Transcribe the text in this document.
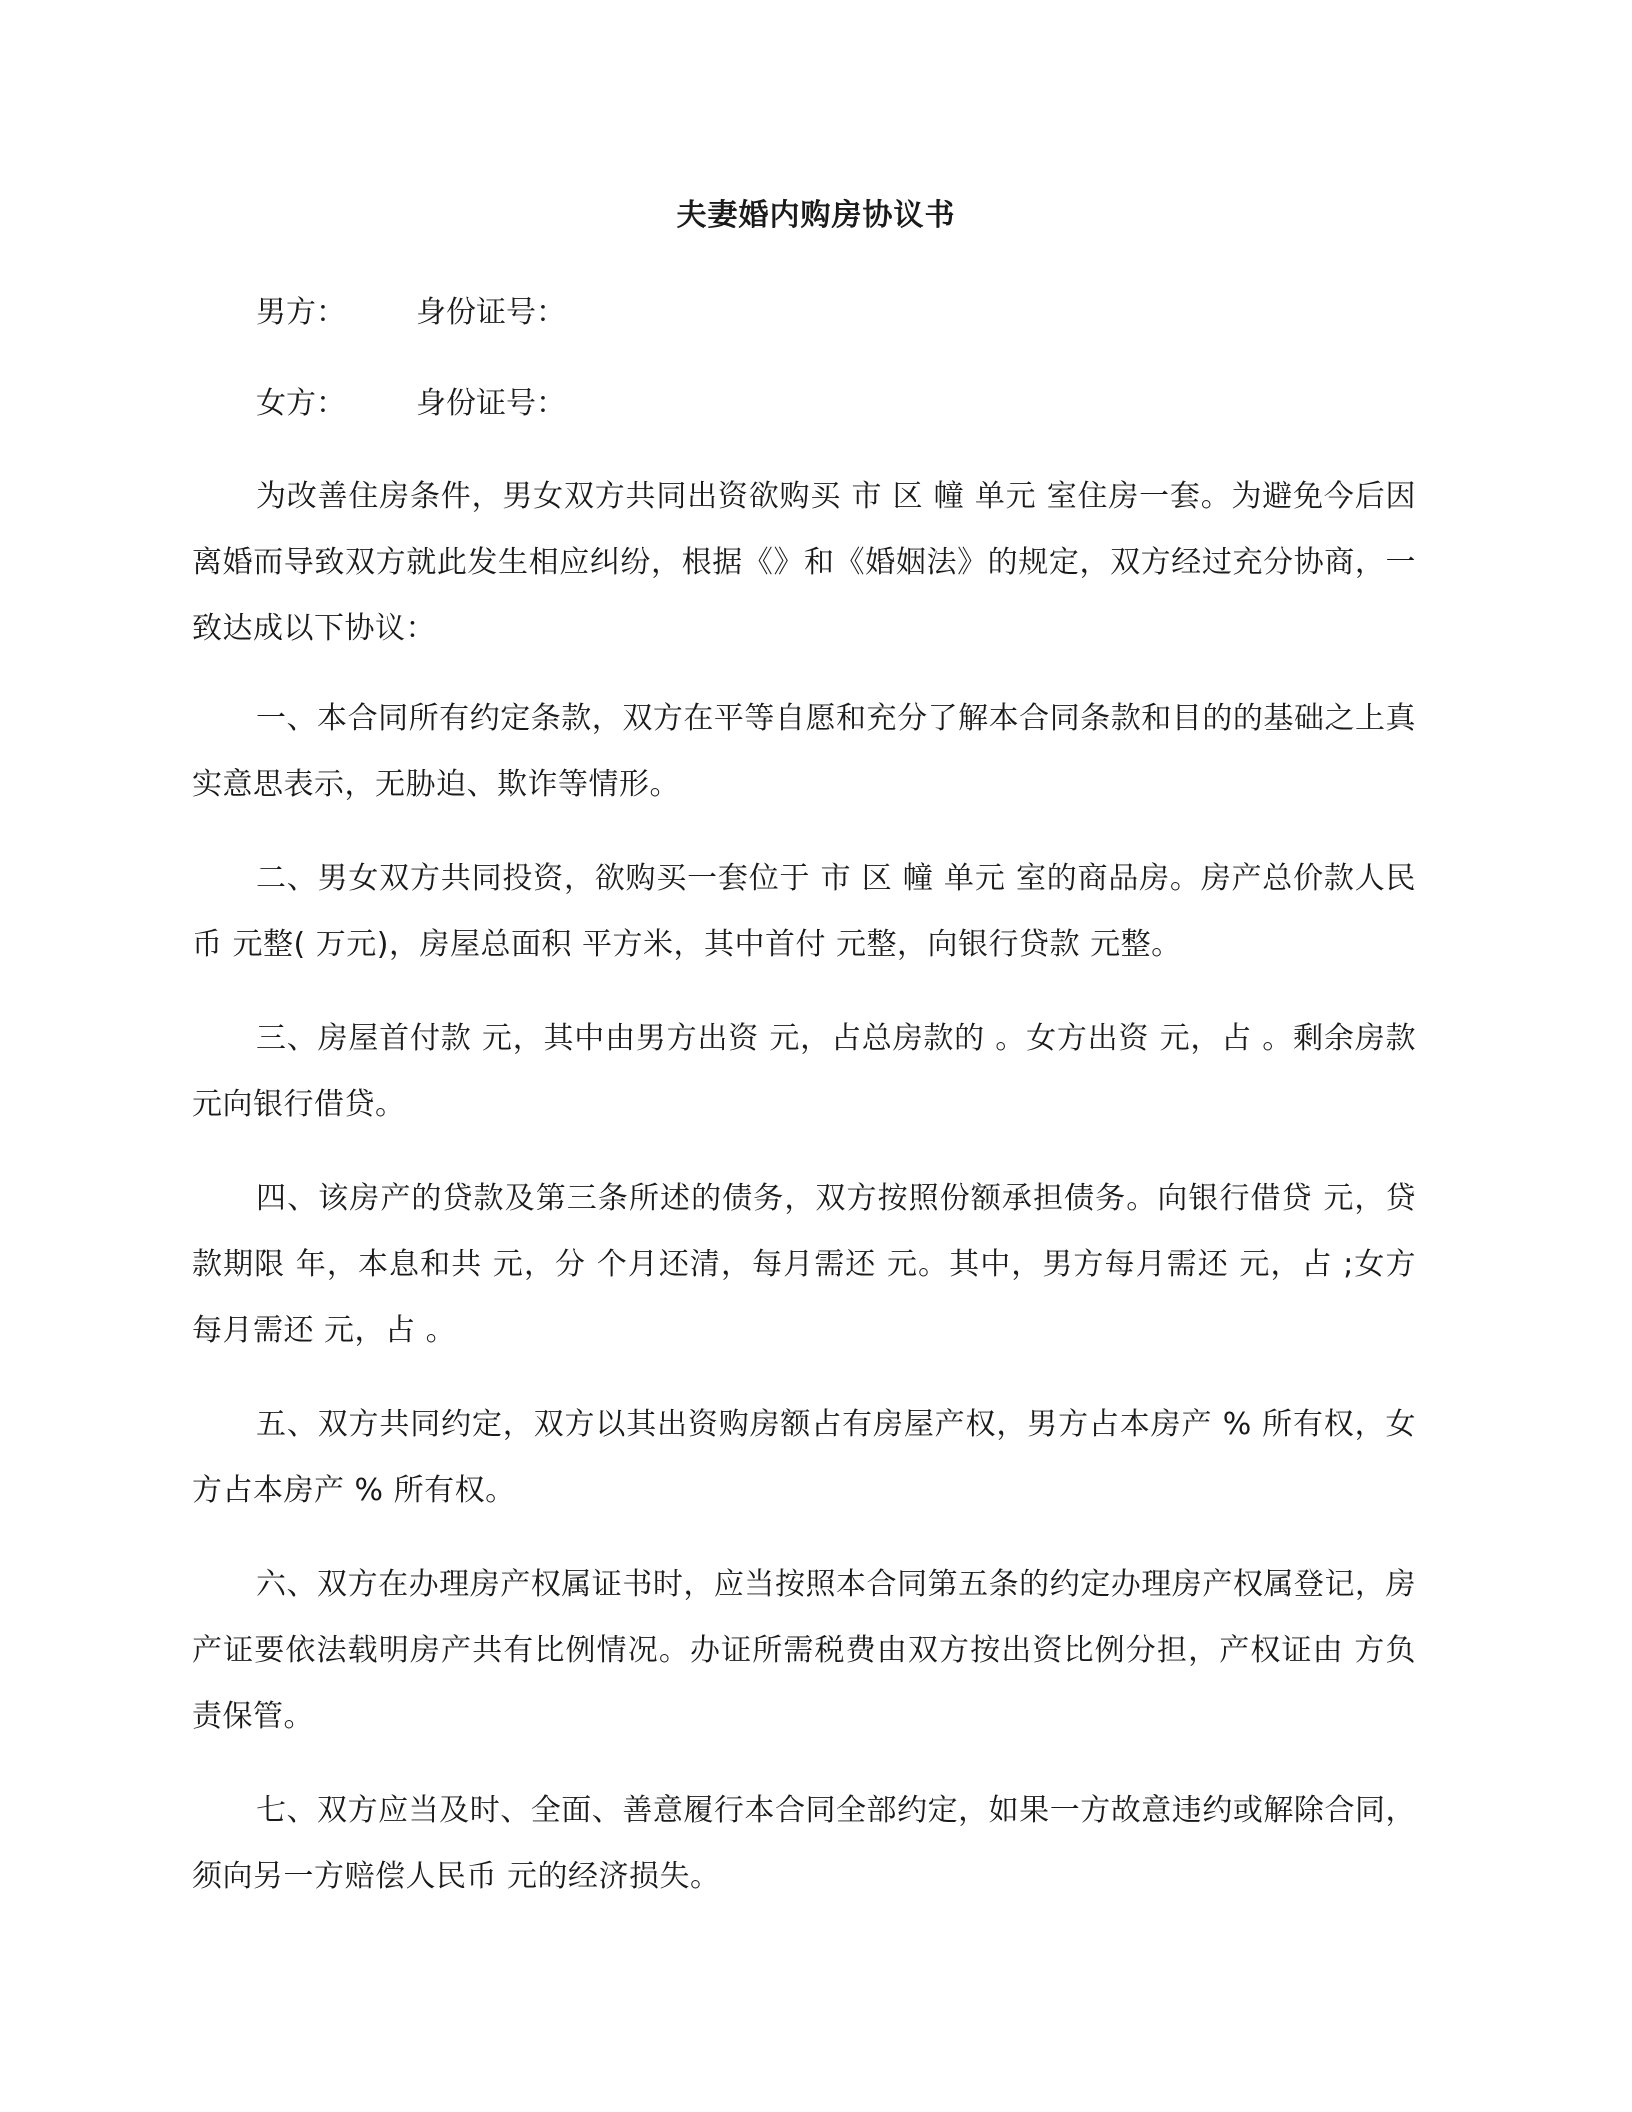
夫妻婚内购房协议书
男方： 身份证号：
女方： 身份证号：

为改善住房条件，男女双方共同出资欲购买 市 区 幢 单元 室住房一套。为避免今后因离婚而导致双方就此发生相应纠纷，根据《》和《婚姻法》的规定，双方经过充分协商，一致达成以下协议：

一、本合同所有约定条款，双方在平等自愿和充分了解本合同条款和目的的基础之上真实意思表示，无胁迫、欺诈等情形。

二、男女双方共同投资，欲购买一套位于 市 区 幢 单元 室的商品房。房产总价款人民币 元整( 万元)，房屋总面积 平方米，其中首付 元整，向银行贷款 元整。

三、房屋首付款 元，其中由男方出资 元，占总房款的 。女方出资 元，占 。剩余房款 元向银行借贷。

四、该房产的贷款及第三条所述的债务，双方按照份额承担债务。向银行借贷 元，贷款期限 年，本息和共 元，分 个月还清，每月需还 元。其中，男方每月需还 元，占 ;女方每月需还 元，占 。

五、双方共同约定，双方以其出资购房额占有房屋产权，男方占本房产 % 所有权，女方占本房产 % 所有权。

六、双方在办理房产权属证书时，应当按照本合同第五条的约定办理房产权属登记，房产证要依法载明房产共有比例情况。办证所需税费由双方按出资比例分担，产权证由 方负责保管。

七、双方应当及时、全面、善意履行本合同全部约定，如果一方故意违约或解除合同，须向另一方赔偿人民币 元的经济损失。
